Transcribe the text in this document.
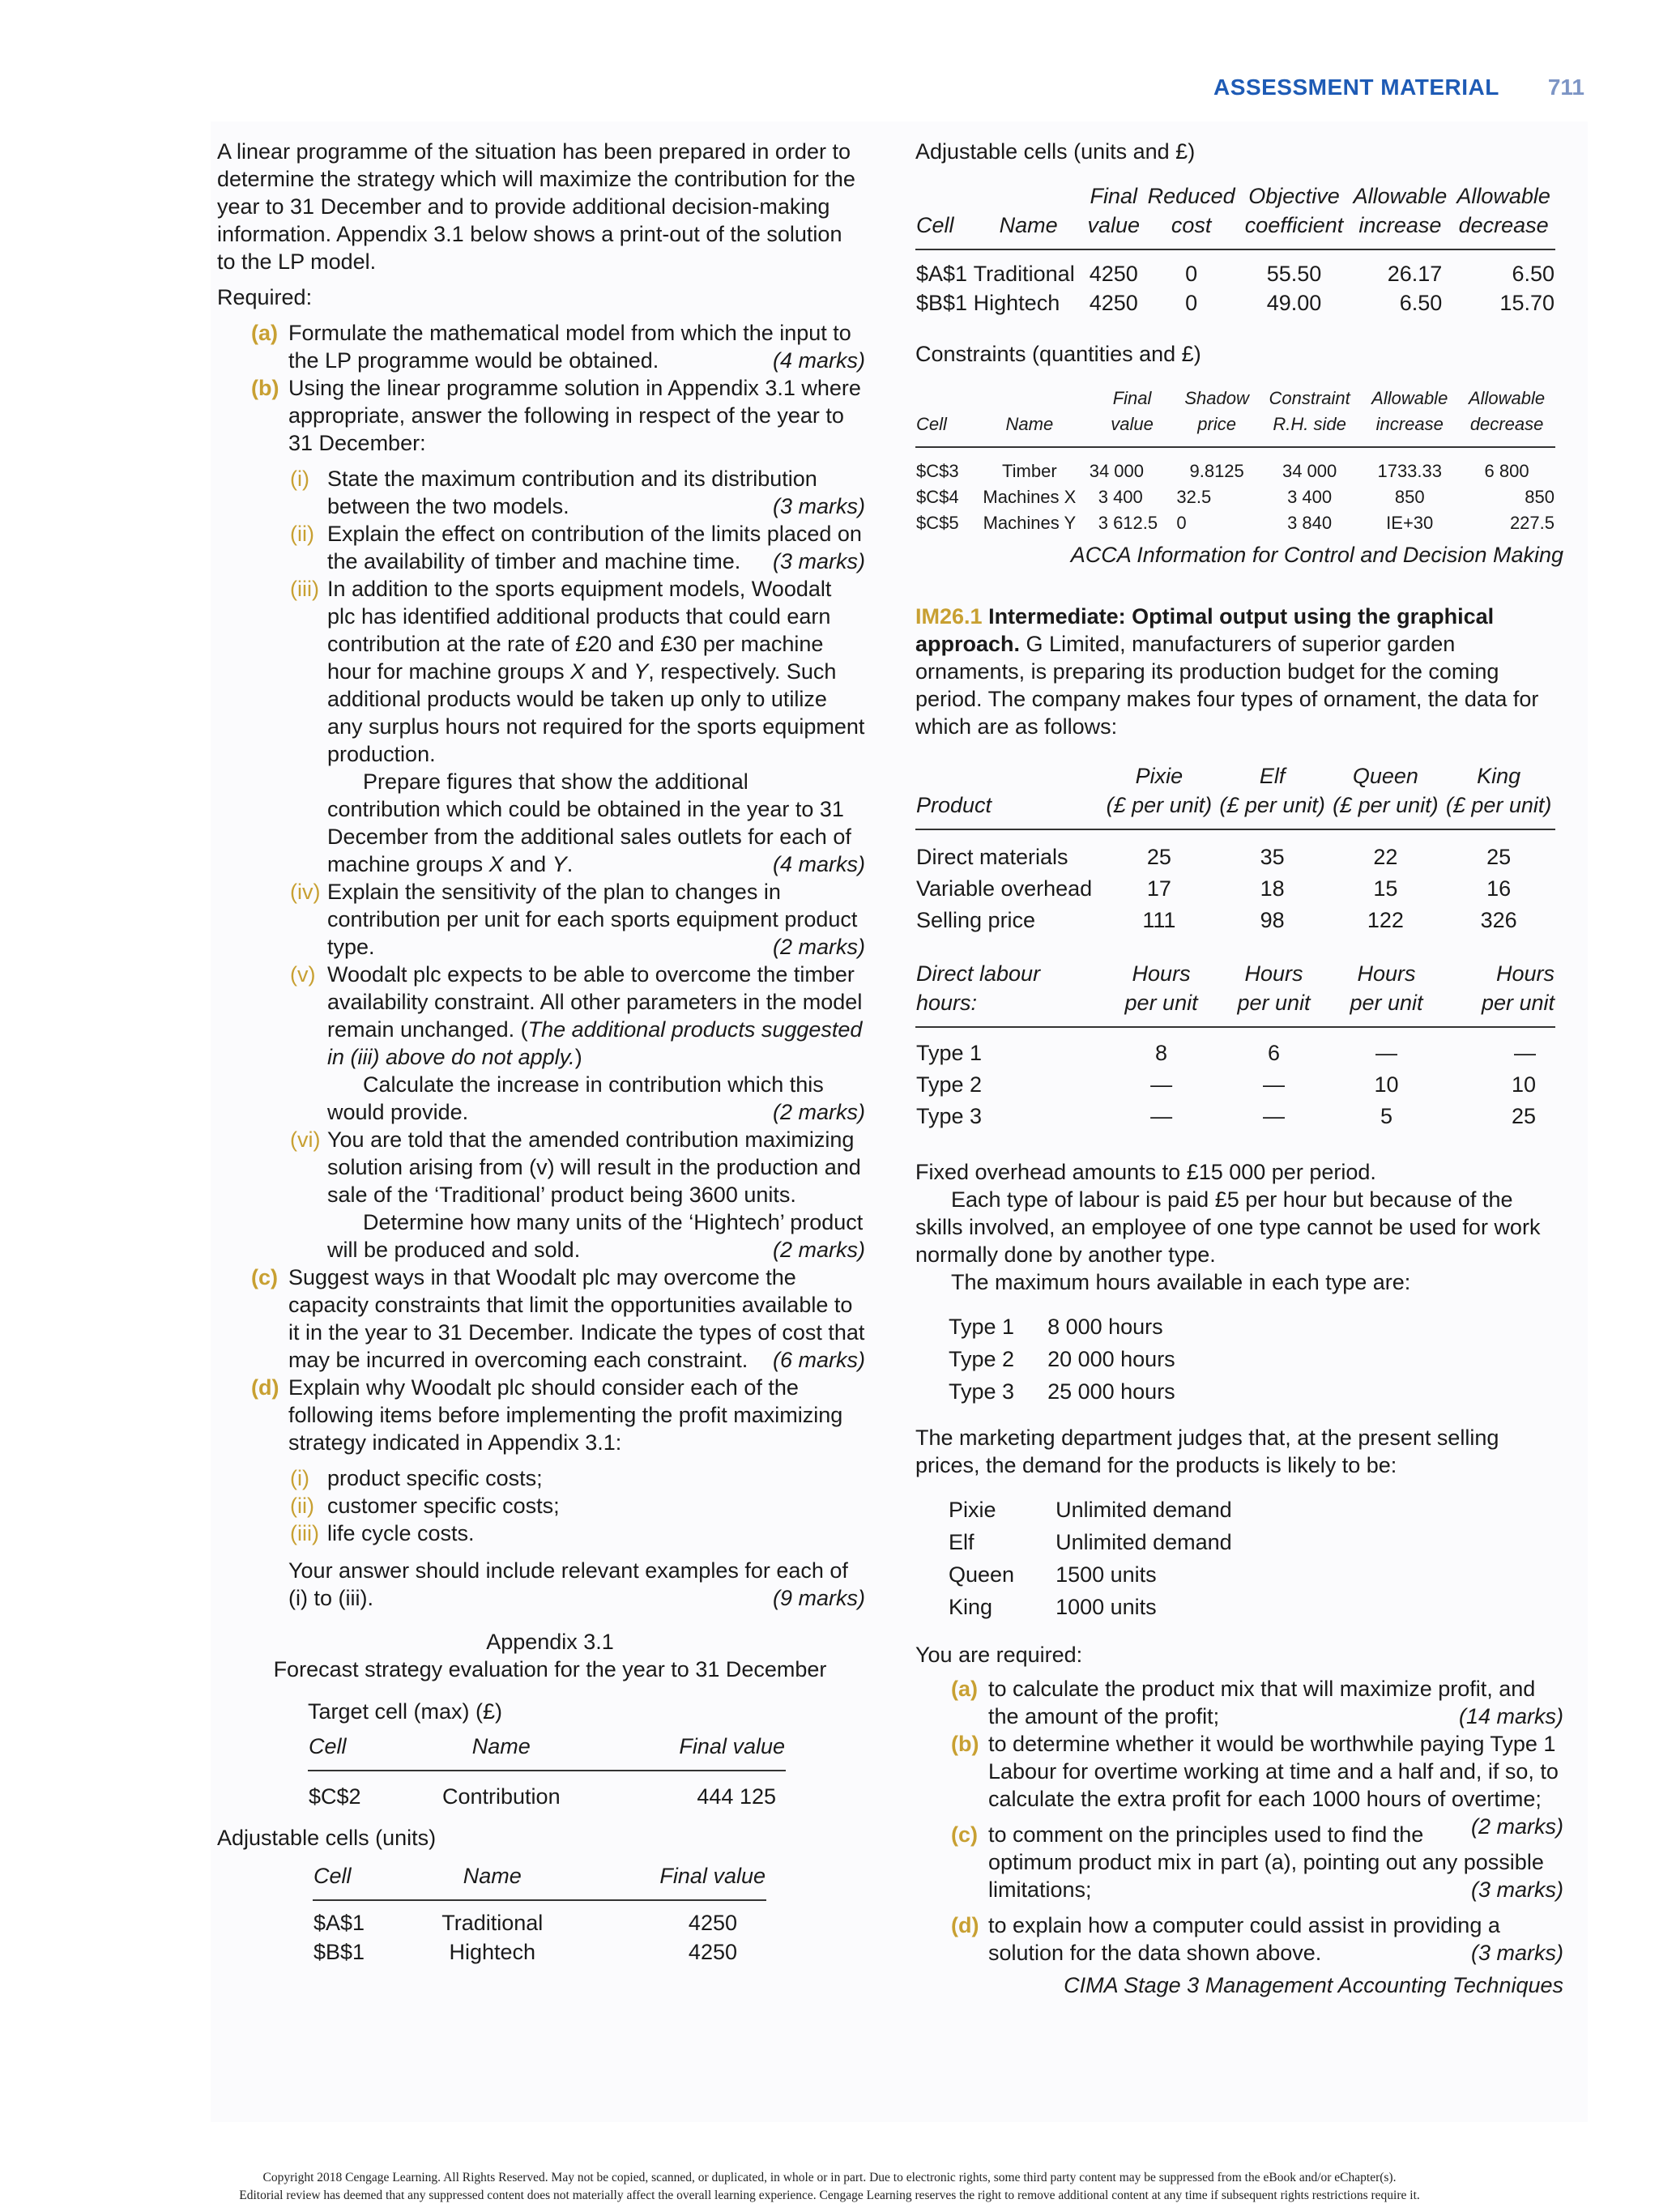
ASSESSMENT MATERIAL 711

A linear programme of the situation has been prepared in order to determine the strategy which will maximize the contribution for the year to 31 December and to provide additional decision-making information. Appendix 3.1 below shows a print-out of the solution to the LP model.

Required:

(a) Formulate the mathematical model from which the input to the LP programme would be obtained.	(4 marks)
(b) Using the linear programme solution in Appendix 3.1 where appropriate, answer the following in respect of the year to 31 December:
(i) State the maximum contribution and its distribution between the two models.	(3 marks)
(ii) Explain the effect on contribution of the limits placed on the availability of timber and machine time. (3 marks)
(iii) In addition to the sports equipment models, Woodalt plc has identified additional products that could earn contribution at the rate of £20 and £30 per machine hour for machine groups X and Y, respectively. Such additional products would be taken up only to utilize any surplus hours not required for the sports equipment production.

Prepare figures that show the additional contribution which could be obtained in the year to 31 December from the additional sales outlets for each of machine groups X and Y.	(4 marks)

(iv) Explain the sensitivity of the plan to changes in contribution per unit for each sports equipment product type.	(2 marks)
(v) Woodalt plc expects to be able to overcome the timber availability constraint. All other parameters in the model remain unchanged. (The additional products suggested in (iii) above do not apply.)

Calculate the increase in contribution which this would provide.	(2 marks)

(vi) You are told that the amended contribution maximizing solution arising from (v) will result in the production and sale of the ‘Traditional’ product being 3600 units.

Determine how many units of the ‘Hightech’ product will be produced and sold.	(2 marks)

(c) Suggest ways in that Woodalt plc may overcome the capacity constraints that limit the opportunities available to it in the year to 31 December. Indicate the types of cost that may be incurred in overcoming each constraint. (6 marks)
(d) Explain why Woodalt plc should consider each of the following items before implementing the profit maximizing strategy indicated in Appendix 3.1:
(i) product specific costs;
(ii) customer specific costs;
(iii) life cycle costs.

Your answer should include relevant examples for each of (i) to (iii).	(9 marks)

Appendix 3.1

Forecast strategy evaluation for the year to 31 December

Target cell (max) (£)

Cell	Name	Final value
$C$2	Contribution	444 125

Adjustable cells (units)

Cell	Name	Final value
$A$1	Traditional	4250
$B$1	Hightech	4250

Adjustable cells (units and £)

		Final	Reduced	Objective	Allowable	Allowable
Cell	Name	value	cost	coefficient	increase	decrease
$A$1	Traditional	4250	0	55.50	26.17	6.50
$B$1	Hightech	4250	0	49.00	6.50	15.70

Constraints (quantities and £)

		Final	Shadow	Constraint	Allowable	Allowable
Cell	Name	value	price	R.H. side	increase	decrease
$C$3	Timber	34 000	9.8125	34 000	1733.33	6 800
$C$4	Machines X	3 400	32.5	3 400	850	850
$C$5	Machines Y	3 612.5	0	3 840	IE+30	227.5

ACCA Information for Control and Decision Making

IM26.1 Intermediate: Optimal output using the graphical approach. G Limited, manufacturers of superior garden ornaments, is preparing its production budget for the coming period. The company makes four types of ornament, the data for which are as follows:

	Pixie	Elf	Queen	King
Product	(£ per unit)	(£ per unit)	(£ per unit)	(£ per unit)
Direct materials	25	35	22	25
Variable overhead	17	18	15	16
Selling price	111	98	122	326
Direct labour	Hours	Hours	Hours	Hours
hours:	per unit	per unit	per unit	per unit
Type 1	8	6	—	—
Type 2	—	—	10	10
Type 3	—	—	5	25

Fixed overhead amounts to £15 000 per period.

Each type of labour is paid £5 per hour but because of the skills involved, an employee of one type cannot be used for work normally done by another type.

The maximum hours available in each type are:

Type 1	8 000 hours
Type 2	20 000 hours
Type 3	25 000 hours

The marketing department judges that, at the present selling prices, the demand for the products is likely to be:

Pixie	Unlimited demand
Elf	Unlimited demand
Queen	1500 units
King	1000 units

You are required:

(a) to calculate the product mix that will maximize profit, and the amount of the profit;	(14 marks)
(b) to determine whether it would be worthwhile paying Type 1 Labour for overtime working at time and a half and, if so, to calculate the extra profit for each 1000 hours of overtime;
(2 marks)
(c) to comment on the principles used to find the optimum product mix in part (a), pointing out any possible limitations;	(3 marks)
(d) to explain how a computer could assist in providing a solution for the data shown above.	(3 marks)

CIMA Stage 3 Management Accounting Techniques

Copyright 2018 Cengage Learning. All Rights Reserved. May not be copied, scanned, or duplicated, in whole or in part. Due to electronic rights, some third party content may be suppressed from the eBook and/or eChapter(s).
Editorial review has deemed that any suppressed content does not materially affect the overall learning experience. Cengage Learning reserves the right to remove additional content at any time if subsequent rights restrictions require it.
